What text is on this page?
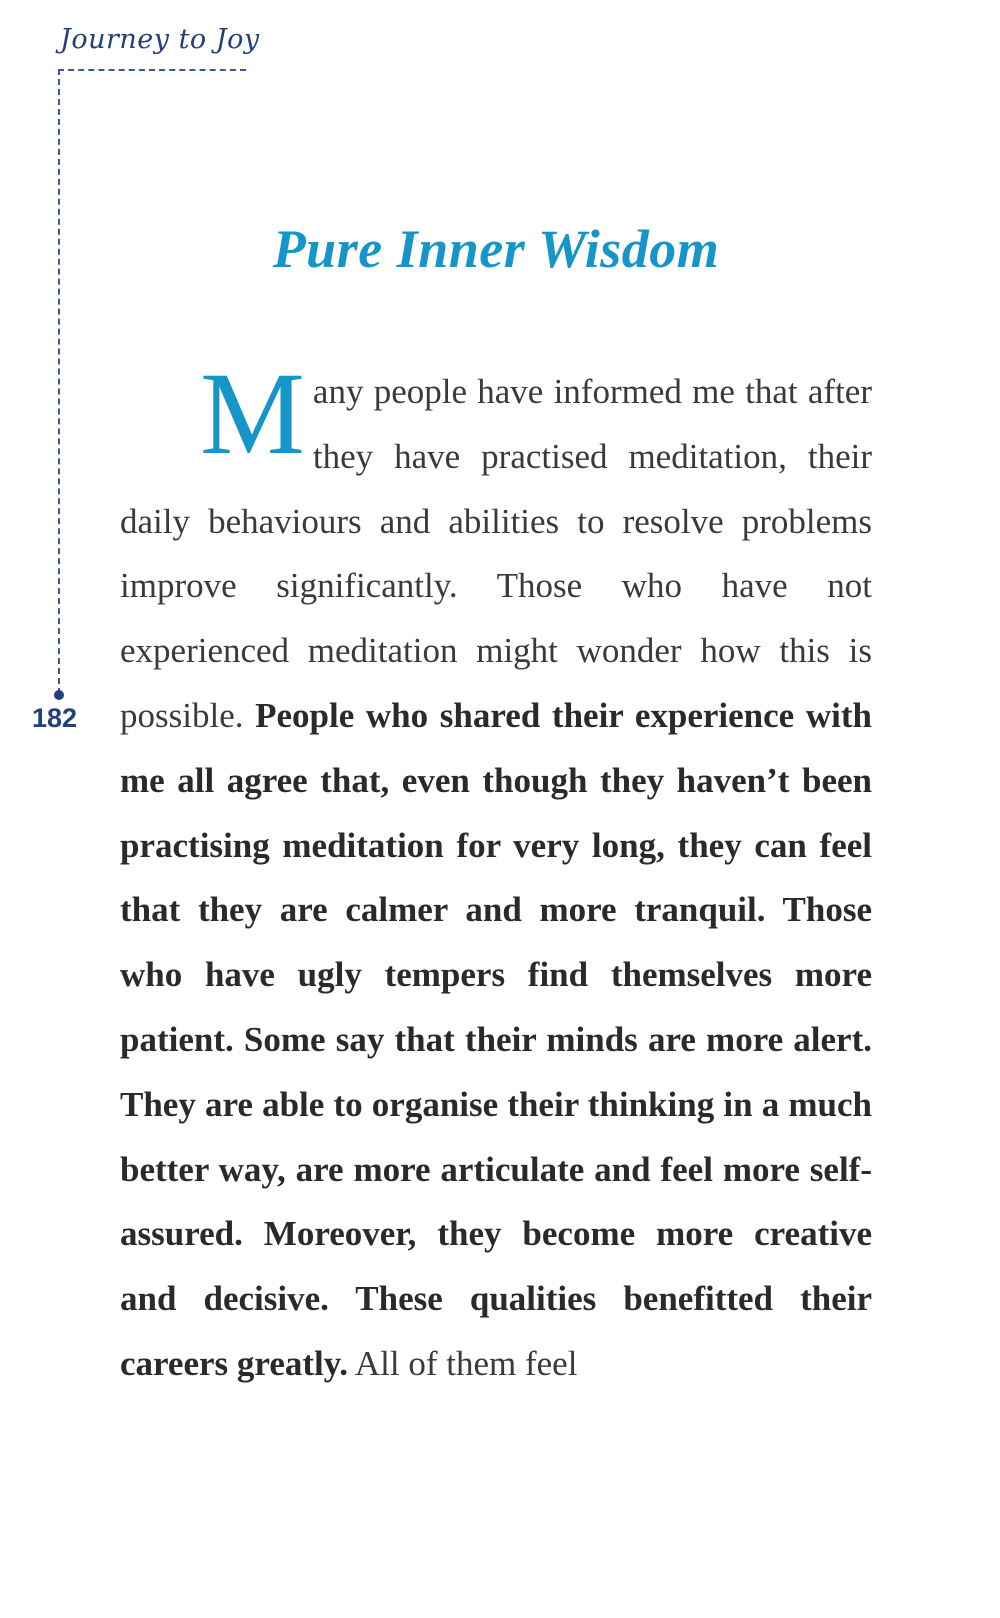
Journey to Joy
182
Pure Inner Wisdom

Many people have informed me that after they have practised meditation, their daily behaviours and abilities to resolve problems improve significantly. Those who have not experienced meditation might wonder how this is possible. People who shared their experience with me all agree that, even though they haven’t been practising meditation for very long, they can feel that they are calmer and more tranquil. Those who have ugly tempers find themselves more patient. Some say that their minds are more alert. They are able to organise their thinking in a much better way, are more articulate and feel more self-assured. Moreover, they become more creative and decisive. These qualities benefitted their careers greatly. All of them feel
